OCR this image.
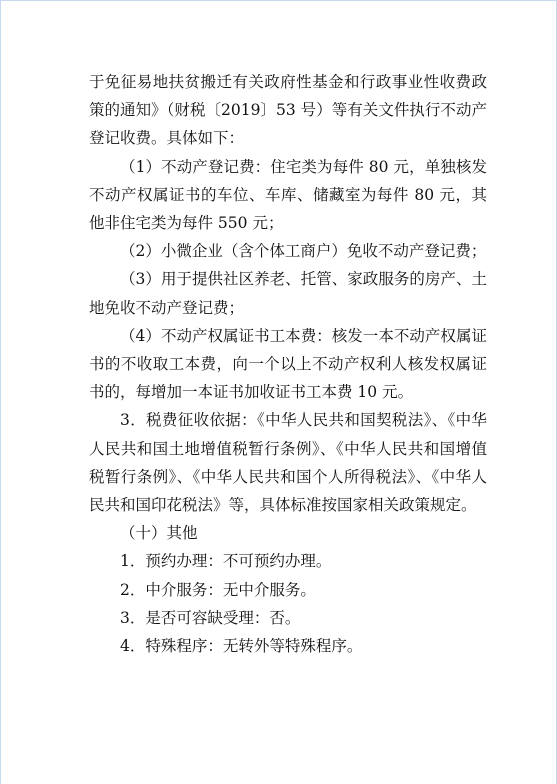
于免征易地扶贫搬迁有关政府性基金和行政事业性收费政策的通知》（财税〔2019〕53 号）等有关文件执行不动产登记收费。具体如下：

（1）不动产登记费：住宅类为每件 80 元，单独核发不动产权属证书的车位、车库、储藏室为每件 80 元，其他非住宅类为每件 550 元；

（2）小微企业（含个体工商户）免收不动产登记费；

（3）用于提供社区养老、托管、家政服务的房产、土地免收不动产登记费；

（4）不动产权属证书工本费：核发一本不动产权属证书的不收取工本费，向一个以上不动产权利人核发权属证书的，每增加一本证书加收证书工本费 10 元。

3．税费征收依据：《中华人民共和国契税法》、《中华人民共和国土地增值税暂行条例》、《中华人民共和国增值税暂行条例》、《中华人民共和国个人所得税法》、《中华人民共和国印花税法》等，具体标准按国家相关政策规定。

（十）其他

1．预约办理：不可预约办理。

2．中介服务：无中介服务。

3．是否可容缺受理：否。

4．特殊程序：无转外等特殊程序。
